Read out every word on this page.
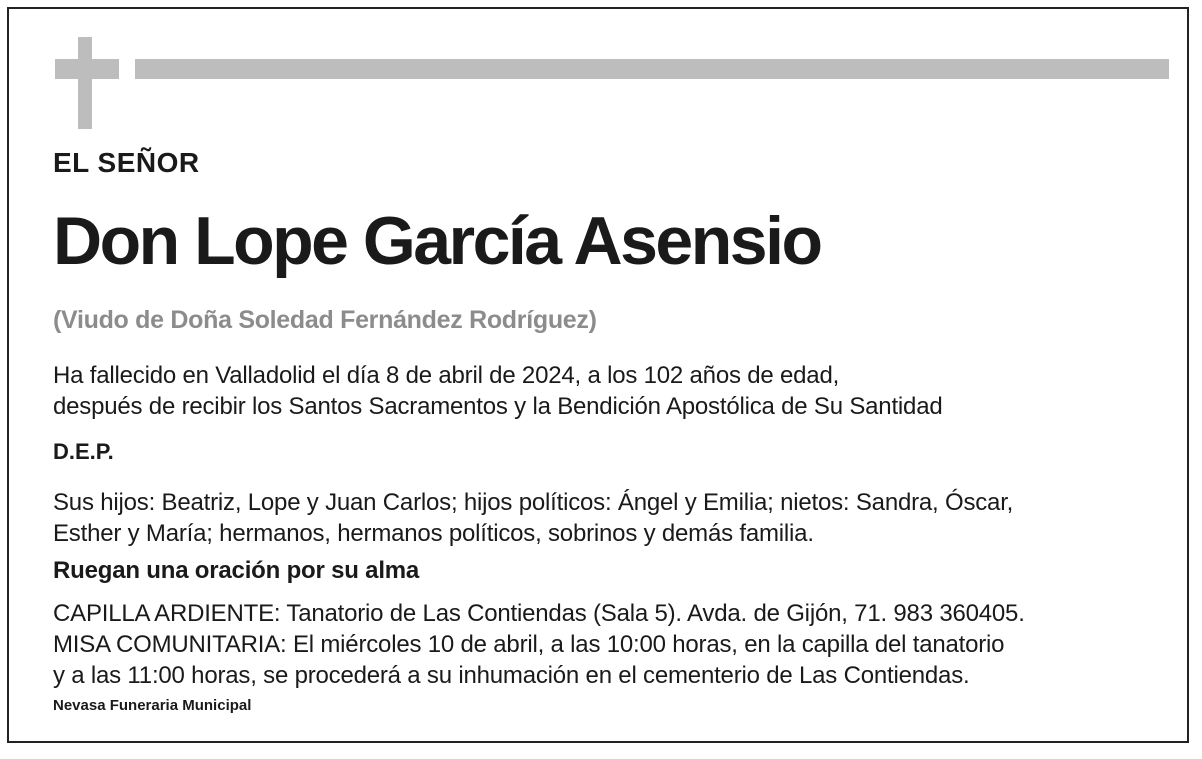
EL SEÑOR
Don Lope García Asensio
(Viudo de Doña Soledad Fernández Rodríguez)
Ha fallecido en Valladolid el día 8 de abril de 2024, a los 102 años de edad,
después de recibir los Santos Sacramentos y la Bendición Apostólica de Su Santidad
D.E.P.
Sus hijos: Beatriz, Lope y Juan Carlos; hijos políticos: Ángel y Emilia; nietos: Sandra, Óscar,
Esther y María; hermanos, hermanos políticos, sobrinos y demás familia.
Ruegan una oración por su alma
CAPILLA ARDIENTE: Tanatorio de Las Contiendas (Sala 5). Avda. de Gijón, 71. 983 360405.
MISA COMUNITARIA: El miércoles 10 de abril, a las 10:00 horas, en la capilla del tanatorio
y a las 11:00 horas, se procederá a su inhumación en el cementerio de Las Contiendas.
Nevasa Funeraria Municipal
